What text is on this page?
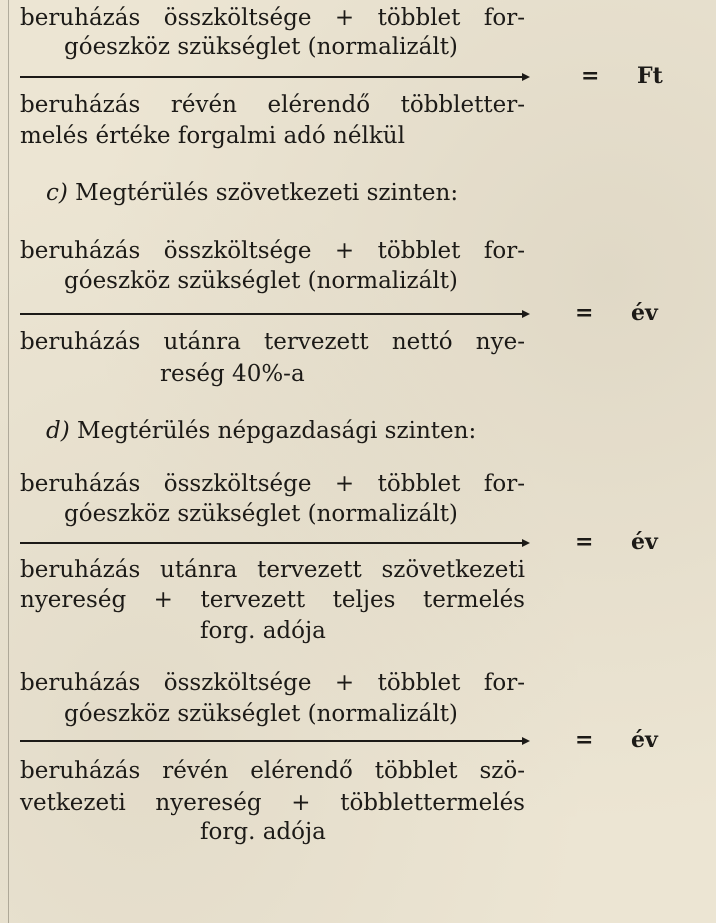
beruházás összköltsége + többlet for-
góeszköz szükséglet (normalizált)
= Ft
beruházás révén elérendő többletter-
melés értéke forgalmi adó nélkül
c) Megtérülés szövetkezeti szinten:
beruházás összköltsége + többlet for-
góeszköz szükséglet (normalizált)
= év
beruházás utánra tervezett nettó nye-
reség 40%-a
d) Megtérülés népgazdasági szinten:
beruházás összköltsége + többlet for-
góeszköz szükséglet (normalizált)
= év
beruházás utánra tervezett szövetkezeti
nyereség + tervezett teljes termelés
forg. adója
beruházás összköltsége + többlet for-
góeszköz szükséglet (normalizált)
= év
beruházás révén elérendő többlet szö-
vetkezeti nyereség + többlettermelés
forg. adója
